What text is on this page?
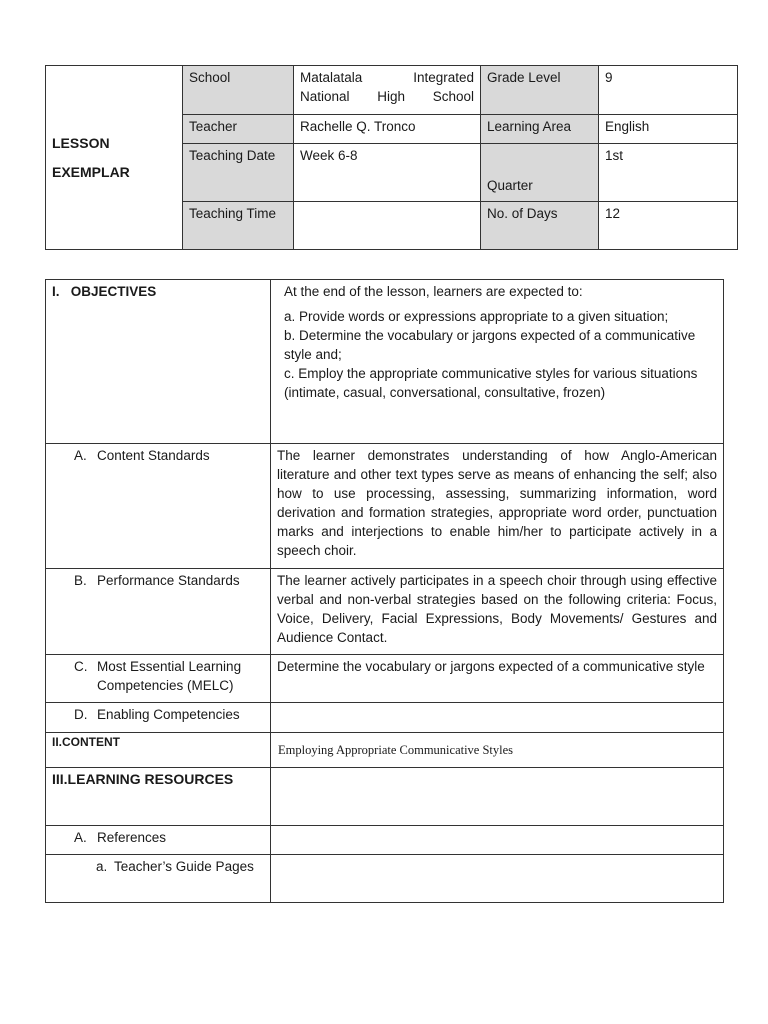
LESSON
EXEMPLAR	School	Matalatala Integrated National High School	Grade Level	9
	Teacher	Rachelle Q. Tronco	Learning Area	English
	Teaching Date	Week 6-8	Quarter	1st
	Teaching Time		No. of Days	12
I.   OBJECTIVES	At the end of the lesson, learners are expected to:
a. Provide words or expressions appropriate to a given situation;
b. Determine the vocabulary or jargons expected of a communicative style and;
c. Employ the appropriate communicative styles for various situations (intimate, casual, conversational, consultative, frozen)

A. Content Standards	The learner demonstrates understanding of how Anglo-American literature and other text types serve as means of enhancing the self; also how to use processing, assessing, summarizing information, word derivation and formation strategies, appropriate word order, punctuation marks and interjections to enable him/her to participate actively in a speech choir.

B. Performance Standards	The learner actively participates in a speech choir through using effective verbal and non-verbal strategies based on the following criteria: Focus, Voice, Delivery, Facial Expressions, Body Movements/ Gestures and Audience Contact.

C. Most Essential Learning Competencies (MELC)	Determine the vocabulary or jargons expected of a communicative style

D. Enabling Competencies	

II.CONTENT	Employing Appropriate Communicative Styles
III.LEARNING RESOURCES	

A. References	

a. Teacher’s Guide Pages	
